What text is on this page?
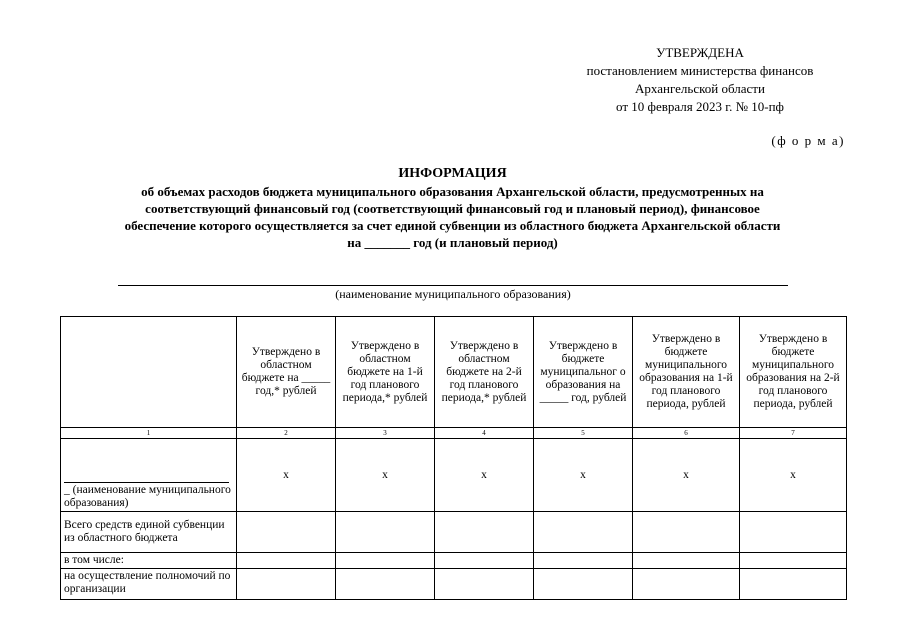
УТВЕРЖДЕНА
постановлением министерства финансов
Архангельской области
от 10 февраля 2023 г. № 10-пф
(ф о р м а)
ИНФОРМАЦИЯ
об объемах расходов бюджета муниципального образования Архангельской области, предусмотренных на
соответствующий финансовый год (соответствующий финансовый год и плановый период), финансовое
обеспечение которого осуществляется за счет единой субвенции из областного бюджета Архангельской области
на _______ год (и плановый период)
(наименование муниципального образования)
	Утверждено в областном бюджете на _____ год,* рублей	Утверждено в областном бюджете на 1-й год планового периода,* рублей	Утверждено в областном бюджете на 2-й год планового периода,* рублей	Утверждено в бюджете муниципальног о образования на _____ год, рублей	Утверждено в бюджете муниципального образования на 1-й год планового периода, рублей	Утверждено в бюджете муниципального образования на 2-й год планового периода, рублей
1	2	3	4	5	6	7

_ (наименование муниципального образования)	х	х	х	х	х	х
Всего средств единой субвенции из областного бюджета						
в том числе:						
на осуществление полномочий по организации						
